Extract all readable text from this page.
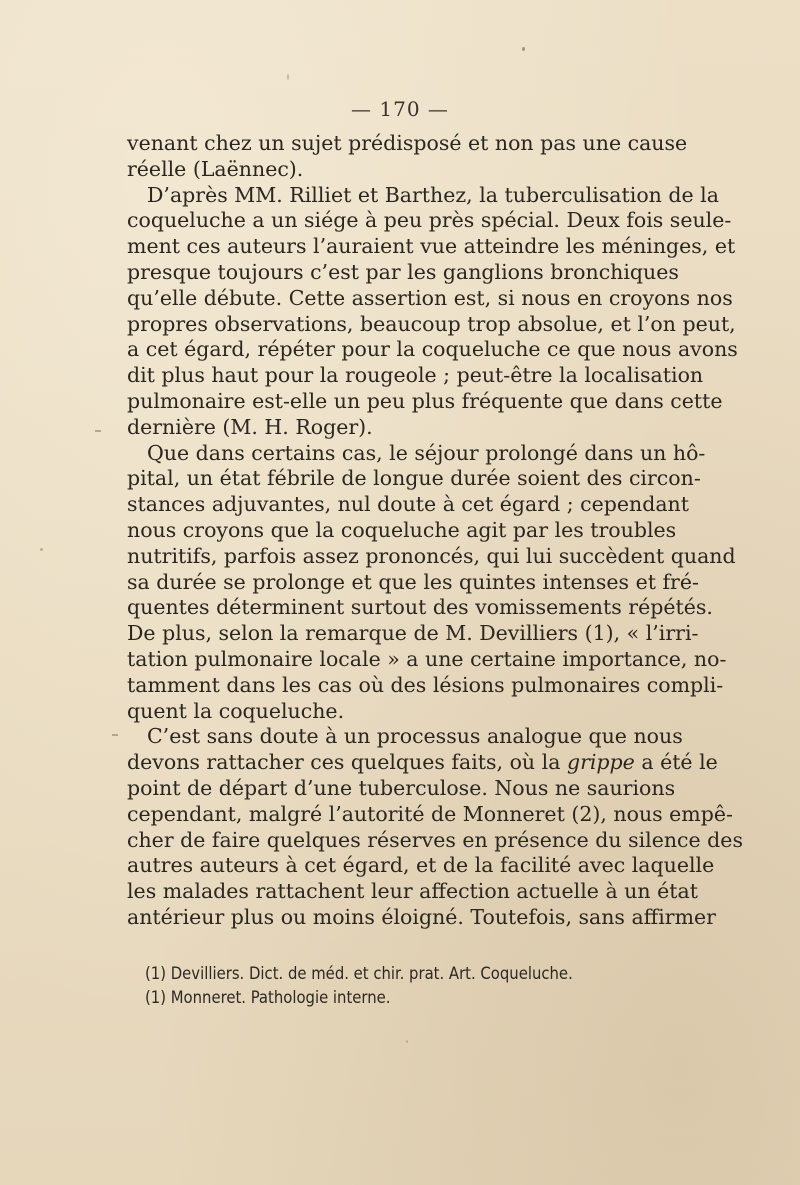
— 170 —
venant chez un sujet prédisposé et non pas une cause
réelle (Laënnec).
D’après MM. Rilliet et Barthez, la tuberculisation de la
coqueluche a un siége à peu près spécial. Deux fois seule-
ment ces auteurs l’auraient vue atteindre les méninges, et
presque toujours c’est par les ganglions bronchiques
qu’elle débute. Cette assertion est, si nous en croyons nos
propres observations, beaucoup trop absolue, et l’on peut,
a cet égard, répéter pour la coqueluche ce que nous avons
dit plus haut pour la rougeole ; peut-être la localisation
pulmonaire est-elle un peu plus fréquente que dans cette
dernière (M. H. Roger).
Que dans certains cas, le séjour prolongé dans un hô-
pital, un état fébrile de longue durée soient des circon-
stances adjuvantes, nul doute à cet égard ; cependant
nous croyons que la coqueluche agit par les troubles
nutritifs, parfois assez prononcés, qui lui succèdent quand
sa durée se prolonge et que les quintes intenses et fré-
quentes déterminent surtout des vomissements répétés.
De plus, selon la remarque de M. Devilliers (1), « l’irri-
tation pulmonaire locale » a une certaine importance, no-
tamment dans les cas où des lésions pulmonaires compli-
quent la coqueluche.
C’est sans doute à un processus analogue que nous
devons rattacher ces quelques faits, où la grippe a été le
point de départ d’une tuberculose. Nous ne saurions
cependant, malgré l’autorité de Monneret (2), nous empê-
cher de faire quelques réserves en présence du silence des
autres auteurs à cet égard, et de la facilité avec laquelle
les malades rattachent leur affection actuelle à un état
antérieur plus ou moins éloigné. Toutefois, sans affirmer
(1) Devilliers. Dict. de méd. et chir. prat. Art. Coqueluche.
(1) Monneret. Pathologie interne.
